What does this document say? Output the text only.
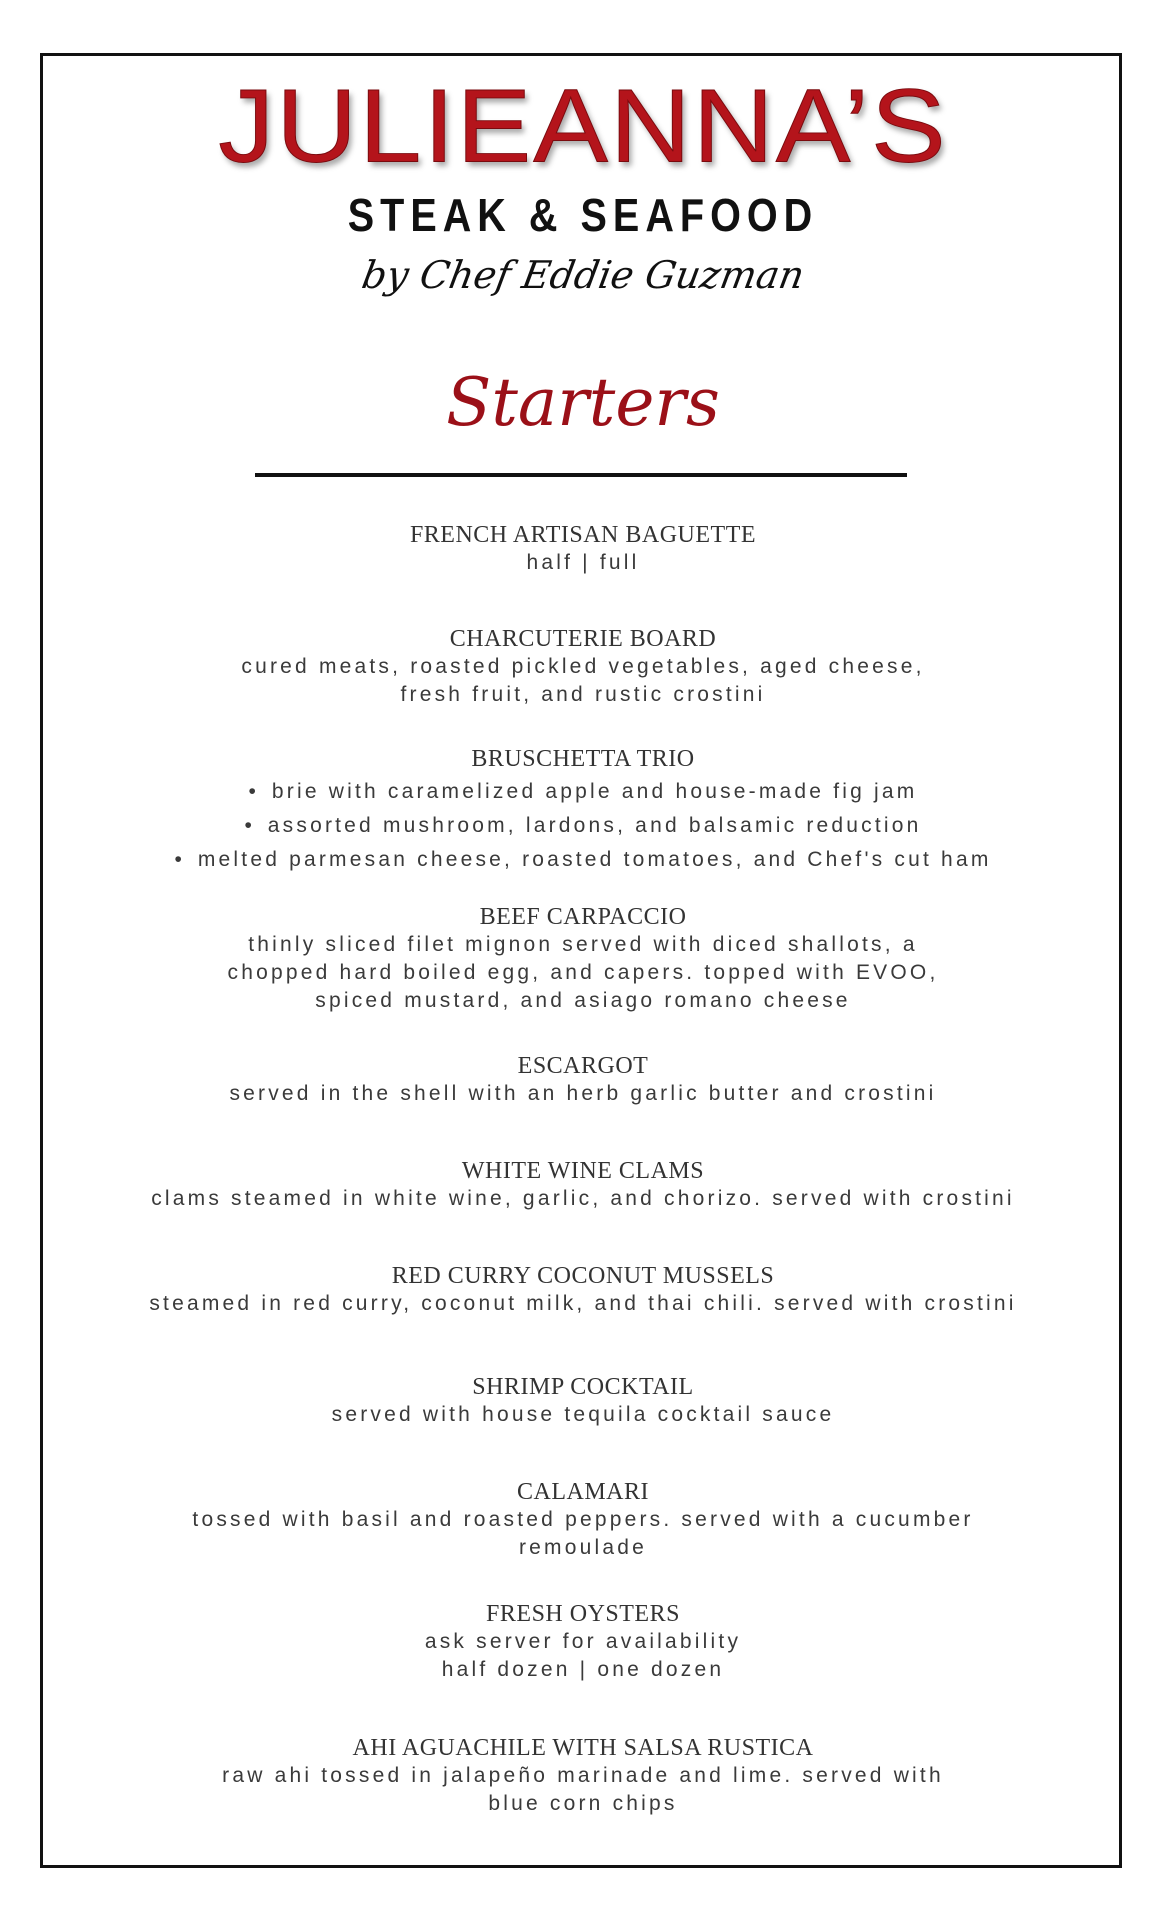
JULIEANNA’S
STEAK & SEAFOOD
by Chef Eddie Guzman
Starters
FRENCH ARTISAN BAGUETTE
half | full
CHARCUTERIE BOARD
cured meats, roasted pickled vegetables, aged cheese,
fresh fruit, and rustic crostini
BRUSCHETTA TRIO
• brie with caramelized apple and house-made fig jam
• assorted mushroom, lardons, and balsamic reduction
• melted parmesan cheese, roasted tomatoes, and Chef's cut ham
BEEF CARPACCIO
thinly sliced filet mignon served with diced shallots, a
chopped hard boiled egg, and capers. topped with EVOO,
spiced mustard, and asiago romano cheese
ESCARGOT
served in the shell with an herb garlic butter and crostini
WHITE WINE CLAMS
clams steamed in white wine, garlic, and chorizo. served with crostini
RED CURRY COCONUT MUSSELS
steamed in red curry, coconut milk, and thai chili. served with crostini
SHRIMP COCKTAIL
served with house tequila cocktail sauce
CALAMARI
tossed with basil and roasted peppers. served with a cucumber
remoulade
FRESH OYSTERS
ask server for availability
half dozen | one dozen
AHI AGUACHILE WITH SALSA RUSTICA
raw ahi tossed in jalapeño marinade and lime. served with
blue corn chips
